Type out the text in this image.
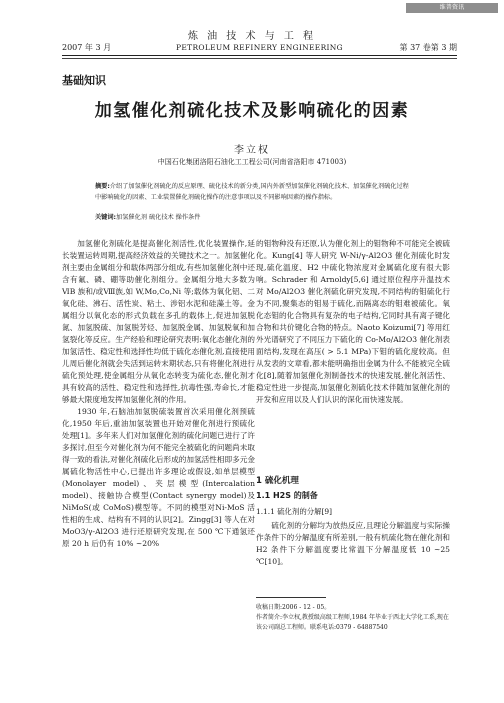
维普资讯 http://www.cqvip.com
炼 油 技 术 与 工 程
2007 年 3 月	PETROLEUM REFINERY ENGINEERING	第 37 卷第 3 期
基础知识
加氢催化剂硫化技术及影响硫化的因素
李立权
中国石化集团洛阳石油化工工程公司(河南省洛阳市 471003)
摘要:介绍了加氢催化剂硫化的反应原理、硫化技术的新分类,国内外新型加氢催化剂硫化技术、加氢催化剂硫化过程中影响硫化的因素、工业装置催化剂硫化操作的注意事项以及不同影响因素的操作指标。
关键词:加氢催化剂 硫化技术 操作条件

加氢催化剂硫化是提高催化剂活性,优化装置操作,延长装置运转周期,提高经济效益的关键技术之一。加氢催化剂主要由金属组分和载体两部分组成,有些加氢催化剂中还含有氟、磷、硼等助催化剂组分。金属组分地大多数为ⅥB 族和/或Ⅷ族,如 W,Mo,Co,Ni 等;载体为氧化铝、二氧化硅、沸石、活性炭、粘土、涉铝水泥和硅藻土等。金属组分以氧化态的形式负载在多孔的载体上,促进加氢脱氮、加氢脱硫、加氢脱芳烃、加氢脱金属、加氢脱氧和加氢裂化等反应。生产经验和理论研究表明:氧化态催化剂的加氢活性、稳定性和选择性均低于硫化态催化剂,直接使用儿周后催化剂就会失活到运转末期状态,只有将催化剂进行硫化预处理,使金属组分从氧化态转变为硫化态,催化剂才具有较高的活性、稳定性和选择性,抗毒性强,寿命长,才能够最大限度地发挥加氢催化剂的作用。

1930 年,石脑油加氢脱硫装置首次采用催化剂预硫化,1950 年后,重油加氢装置也开始对催化剂进行预硫化处理[1]。多年来人们对加氢催化剂的硫化问题已进行了许多探讨,但至今对催化剂为何不能完全被硫化的问题尚未取得一致的看法,对催化剂硫化后形成的加氢活性相即多元金属硫化物活性中心,已提出许多理论或假设,如单层模型(Monolayer model)、夹层模型(Intercalation model)、接触协合模型(Contact synergy model)及 NiMoS(或 CoMoS)模型等。不同的模型对Ni-MoS 活性相的生成、结构有不同的认识[2]。Zingg[3] 等人在对 MoO3/γ-Al2O3 进行还原研究发现,在 500 ℃下通氢还原 20 h 后仍有 10% ~20%

的钼物种没有还原,认为催化剂上的钼物种不可能完全被硫化。Kung[4] 等人研究 W-Ni/γ-Al2O3 催化剂硫化时发现,硫化温度、H2 中硫化物浓度对金属硫化度有很大影响。Schrader 和 Arnoldy[5,6] 通过原位程序升温技术对 Mo/Al2O3 催化剂硫化研究发现,不同结构的钼硫化行为不同,聚集态的钼易于硫化,而隔离态的钼难被硫化。氧化态钼的化合物具有复杂的电子结构,它同时具有离子键化合物和共价键化合物的特点。Naoto Koizumi[7] 等用红外光谱研究了不同压力下硫化的 Co-Mo/Al2O3 催化剂表面结构,发现在高压( > 5.1 MPa)下钼的硫化度较高。但从发表的文章看,都未能明确指出金属为什么不能被完全硫化[8],随着加氢催化剂制备技术的快速发展,催化剂活性、稳定性进一步提高,加氢催化剂硫化技术伴随加氢催化剂的开发和应用以及人们认识的深化而快速发展。

1 硫化机理
1.1 H2S 的制备
1.1.1 硫化剂的分解[9]

硫化剂的分解均为放热反应,且理论分解温度与实际操作条件下的分解温度有所差别,一般有机硫化物在催化剂和 H2 条件下分解温度要比常温下分解温度低 10 ~25 ℃[10]。

收稿日期:2006 - 12 - 05。

作者简介:李立权,教授级高级工程师,1984 年毕业于西北大学化工系,现在该公司副总工程师。联系电话:0379 - 64887540
